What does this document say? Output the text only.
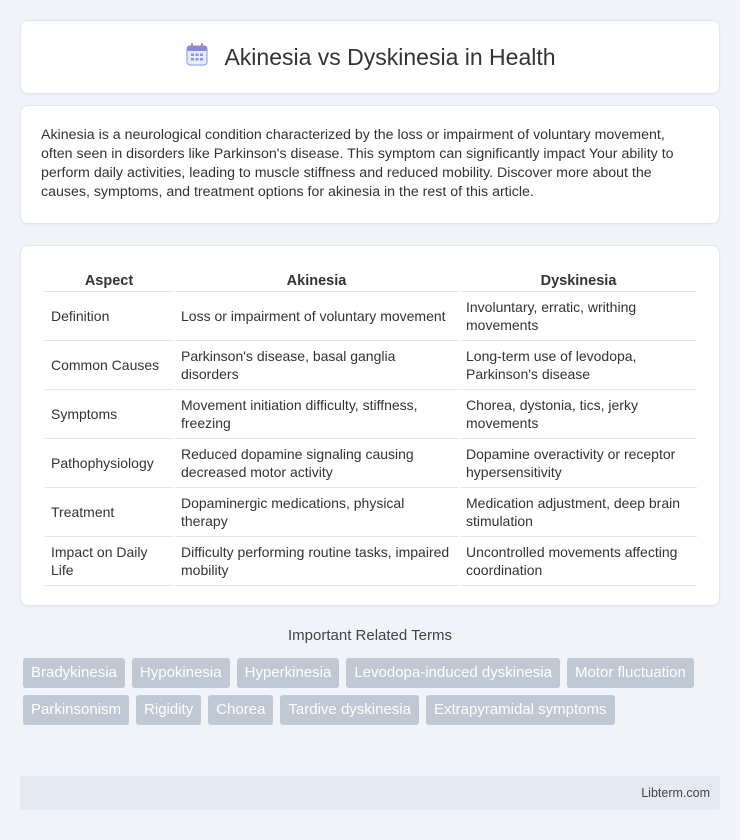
Akinesia vs Dyskinesia in Health

Akinesia is a neurological condition characterized by the loss or impairment of voluntary movement, often seen in disorders like Parkinson's disease. This symptom can significantly impact Your ability to perform daily activities, leading to muscle stiffness and reduced mobility. Discover more about the causes, symptoms, and treatment options for akinesia in the rest of this article.

Aspect	Akinesia	Dyskinesia
Definition	Loss or impairment of voluntary movement	Involuntary, erratic, writhing movements
Common Causes	Parkinson's disease, basal ganglia disorders	Long-term use of levodopa, Parkinson's disease
Symptoms	Movement initiation difficulty, stiffness, freezing	Chorea, dystonia, tics, jerky movements
Pathophysiology	Reduced dopamine signaling causing decreased motor activity	Dopamine overactivity or receptor hypersensitivity
Treatment	Dopaminergic medications, physical therapy	Medication adjustment, deep brain stimulation
Impact on Daily Life	Difficulty performing routine tasks, impaired mobility	Uncontrolled movements affecting coordination
Important Related Terms
Bradykinesia	Hypokinesia	Hyperkinesia	Levodopa-induced dyskinesia	Motor fluctuation
Parkinsonism	Rigidity	Chorea	Tardive dyskinesia	Extrapyramidal symptoms
Libterm.com
